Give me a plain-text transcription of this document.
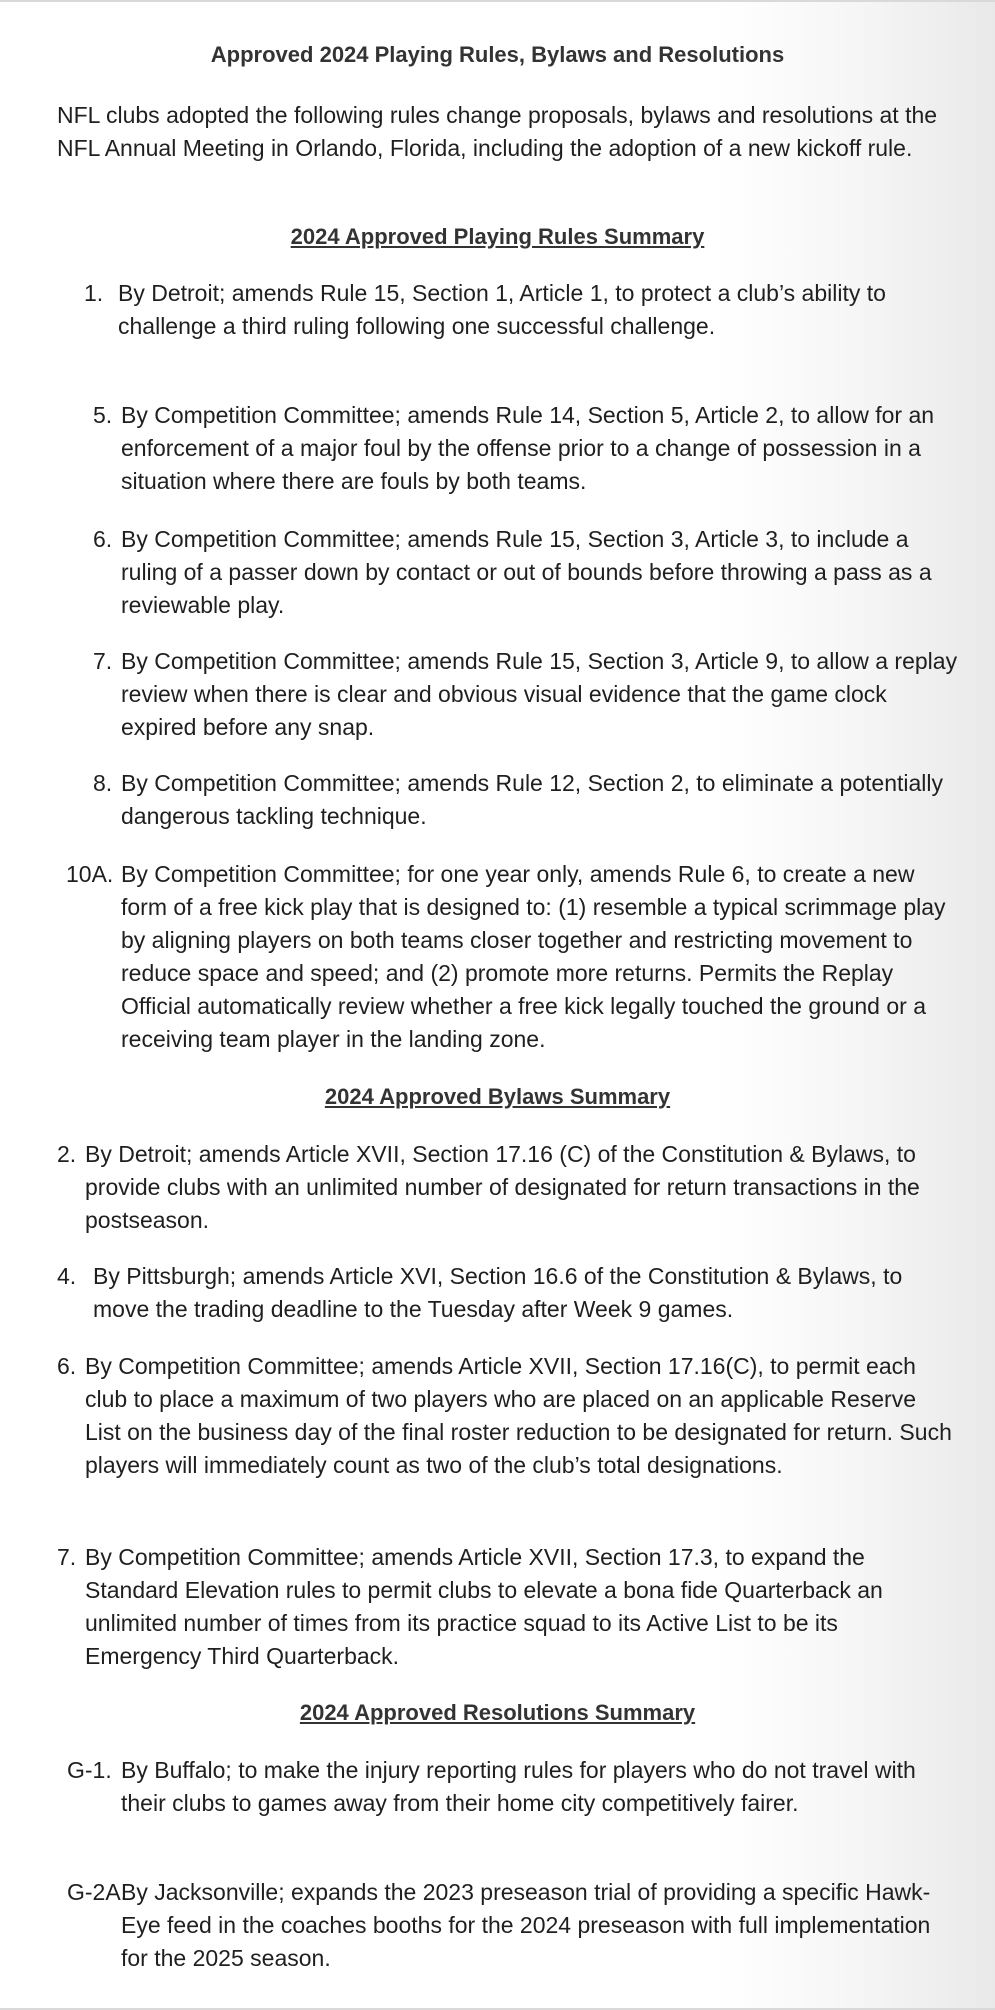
Approved 2024 Playing Rules, Bylaws and Resolutions
NFL clubs adopted the following rules change proposals, bylaws and resolutions at the NFL Annual Meeting in Orlando, Florida, including the adoption of a new kickoff rule.
2024 Approved Playing Rules Summary
1. By Detroit; amends Rule 15, Section 1, Article 1, to protect a club’s ability to challenge a third ruling following one successful challenge.
5. By Competition Committee; amends Rule 14, Section 5, Article 2, to allow for an enforcement of a major foul by the offense prior to a change of possession in a situation where there are fouls by both teams.
6. By Competition Committee; amends Rule 15, Section 3, Article 3, to include a ruling of a passer down by contact or out of bounds before throwing a pass as a reviewable play.
7. By Competition Committee; amends Rule 15, Section 3, Article 9, to allow a replay review when there is clear and obvious visual evidence that the game clock expired before any snap.
8. By Competition Committee; amends Rule 12, Section 2, to eliminate a potentially dangerous tackling technique.
10A. By Competition Committee; for one year only, amends Rule 6, to create a new form of a free kick play that is designed to: (1) resemble a typical scrimmage play by aligning players on both teams closer together and restricting movement to reduce space and speed; and (2) promote more returns. Permits the Replay Official automatically review whether a free kick legally touched the ground or a receiving team player in the landing zone.
2024 Approved Bylaws Summary
2. By Detroit; amends Article XVII, Section 17.16 (C) of the Constitution & Bylaws, to provide clubs with an unlimited number of designated for return transactions in the postseason.
4. By Pittsburgh; amends Article XVI, Section 16.6 of the Constitution & Bylaws, to move the trading deadline to the Tuesday after Week 9 games.
6. By Competition Committee; amends Article XVII, Section 17.16(C), to permit each club to place a maximum of two players who are placed on an applicable Reserve List on the business day of the final roster reduction to be designated for return. Such players will immediately count as two of the club’s total designations.
7. By Competition Committee; amends Article XVII, Section 17.3, to expand the Standard Elevation rules to permit clubs to elevate a bona fide Quarterback an unlimited number of times from its practice squad to its Active List to be its Emergency Third Quarterback.
2024 Approved Resolutions Summary
G-1. By Buffalo; to make the injury reporting rules for players who do not travel with their clubs to games away from their home city competitively fairer.
G-2A.
By Jacksonville; expands the 2023 preseason trial of providing a specific Hawk-Eye feed in the coaches booths for the 2024 preseason with full implementation for the 2025 season.
